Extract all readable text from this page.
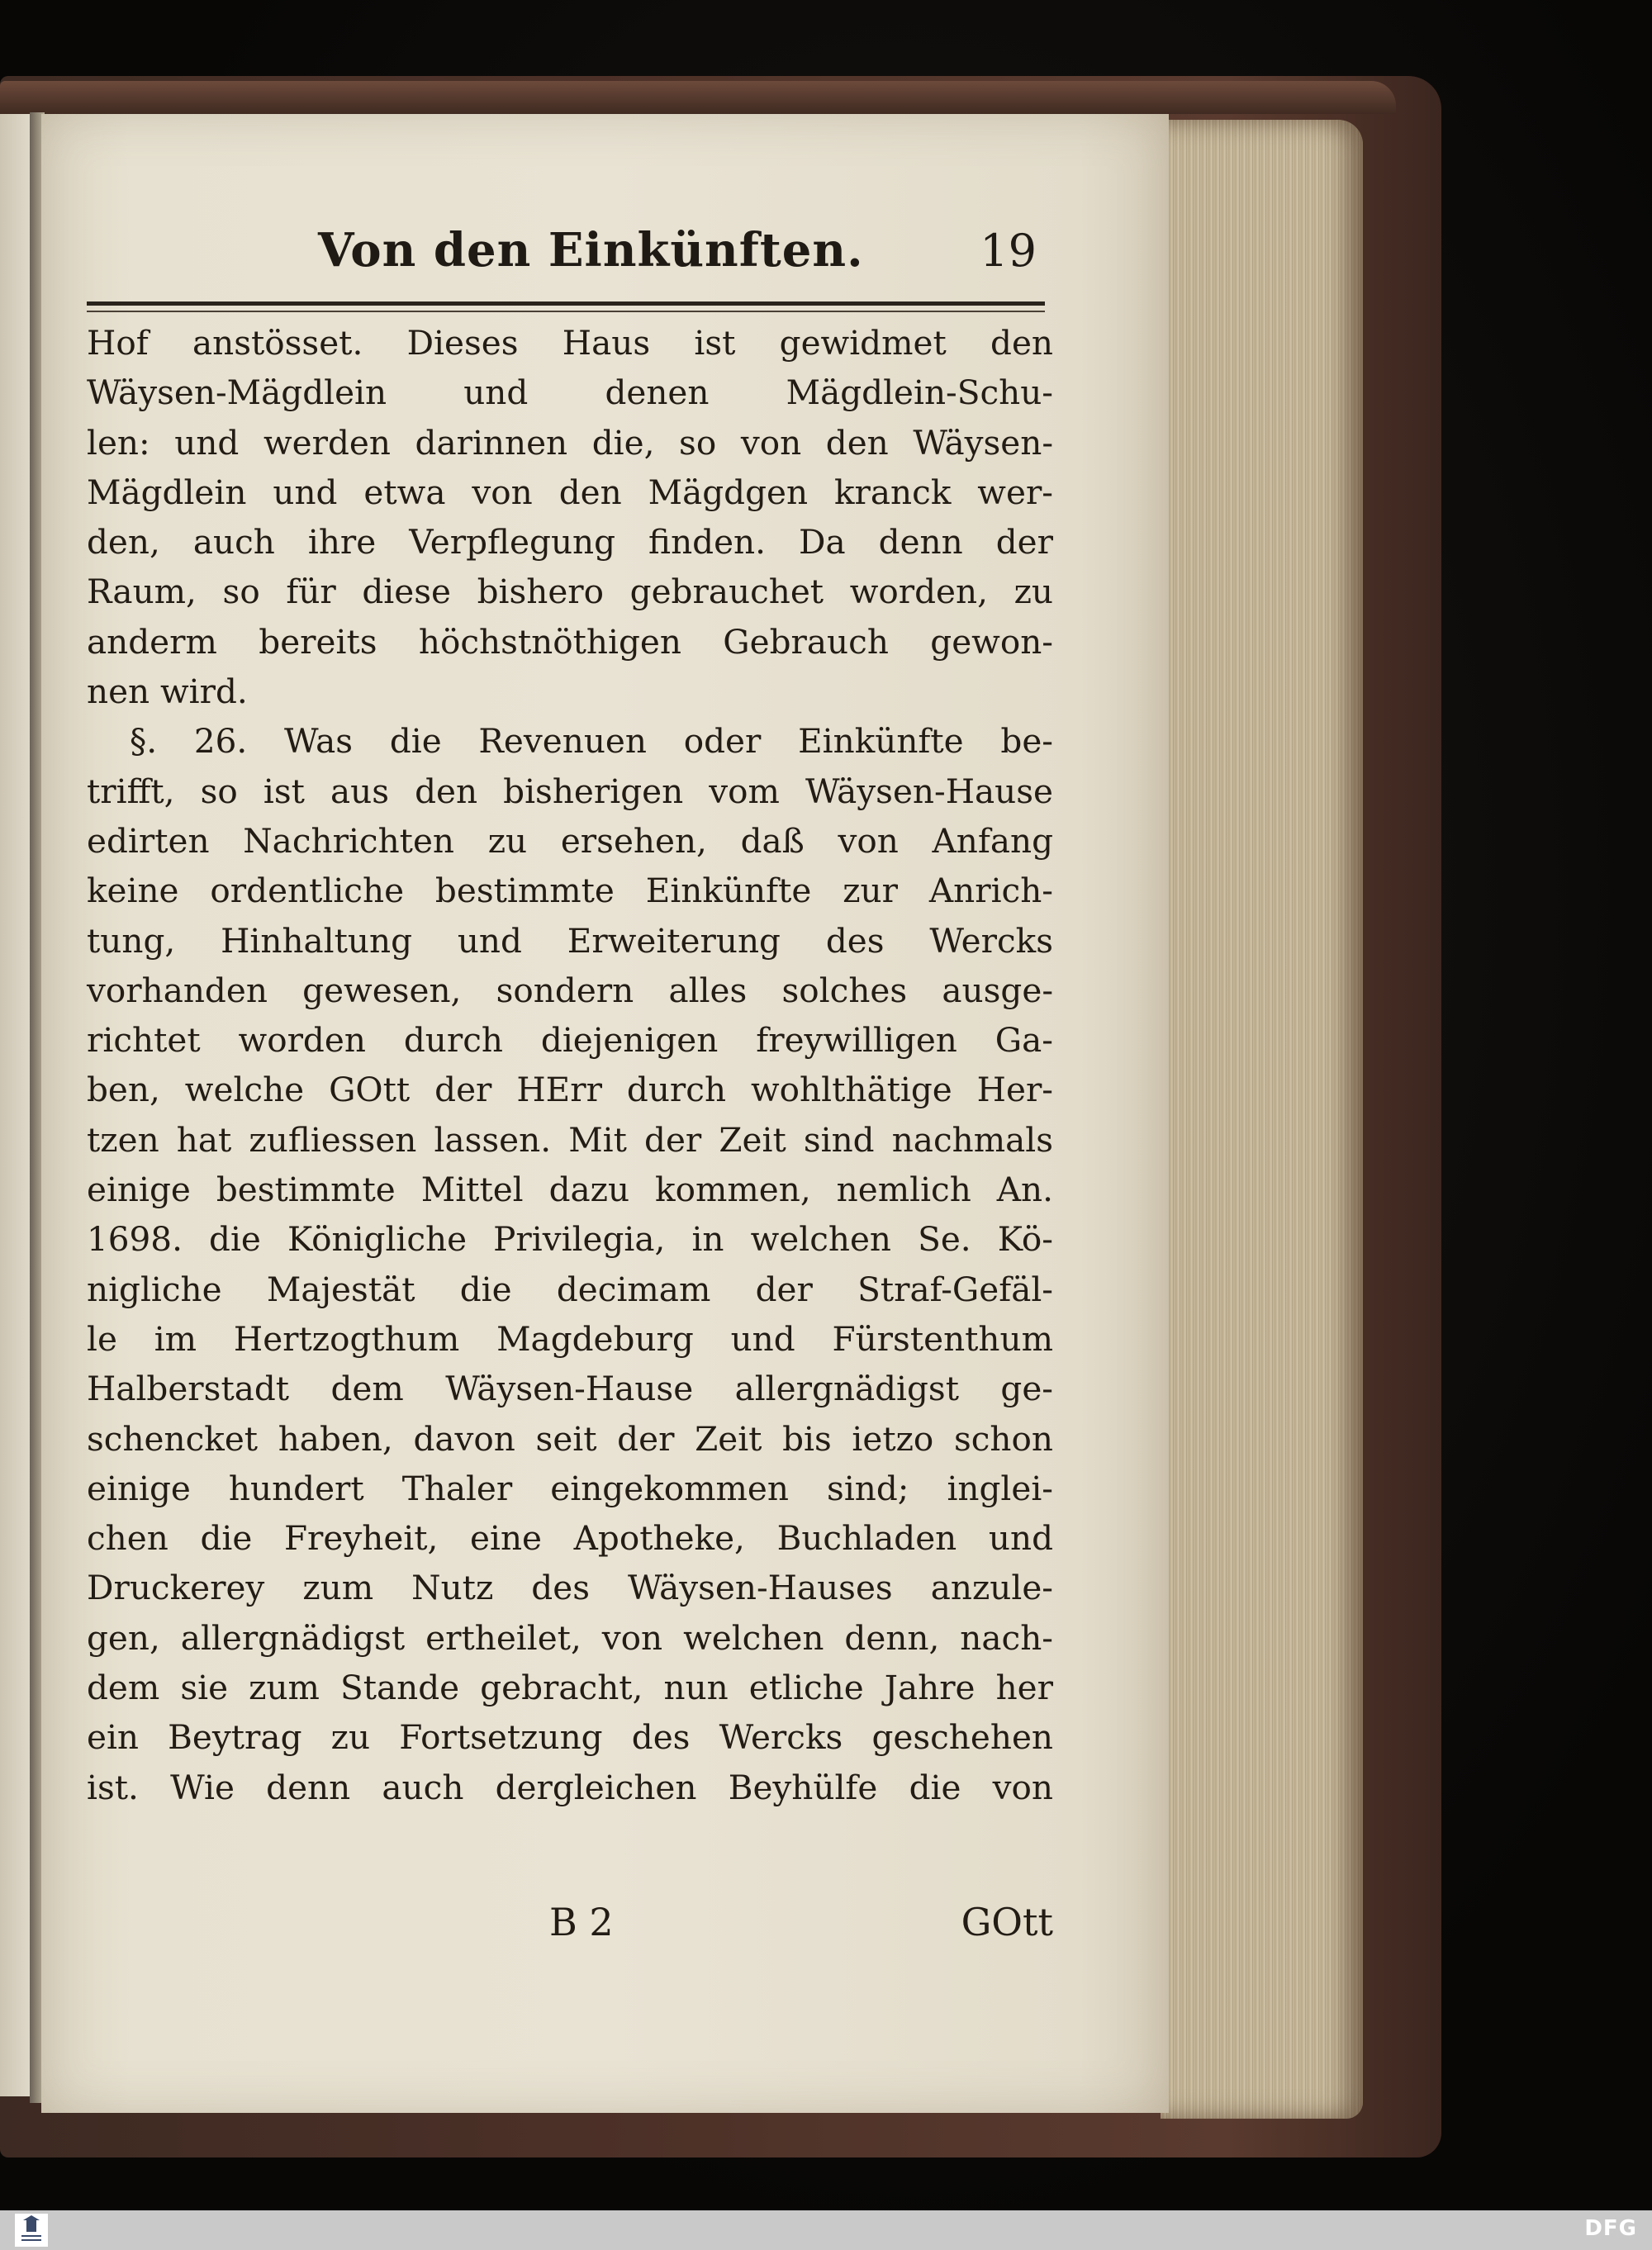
Von den Einkünften.	19
Hof anstösset. Dieses Haus ist gewidmet den
Wäysen-Mägdlein und denen Mägdlein-Schu-
len: und werden darinnen die, so von den Wäysen-
Mägdlein und etwa von den Mägdgen kranck wer-
den, auch ihre Verpflegung finden. Da denn der
Raum, so für diese bishero gebrauchet worden, zu
anderm bereits höchstnöthigen Gebrauch gewon-
nen wird.
§. 26. Was die Revenuen oder Einkünfte be-
trifft, so ist aus den bisherigen vom Wäysen-Hause
edirten Nachrichten zu ersehen, daß von Anfang
keine ordentliche bestimmte Einkünfte zur Anrich-
tung, Hinhaltung und Erweiterung des Wercks
vorhanden gewesen, sondern alles solches ausge-
richtet worden durch diejenigen freywilligen Ga-
ben, welche GOtt der HErr durch wohlthätige Her-
tzen hat zufliessen lassen. Mit der Zeit sind nachmals
einige bestimmte Mittel dazu kommen, nemlich An.
1698. die Königliche Privilegia, in welchen Se. Kö-
nigliche Majestät die decimam der Straf-Gefäl-
le im Hertzogthum Magdeburg und Fürstenthum
Halberstadt dem Wäysen-Hause allergnädigst ge-
schencket haben, davon seit der Zeit bis ietzo schon
einige hundert Thaler eingekommen sind; inglei-
chen die Freyheit, eine Apotheke, Buchladen und
Druckerey zum Nutz des Wäysen-Hauses anzule-
gen, allergnädigst ertheilet, von welchen denn, nach-
dem sie zum Stande gebracht, nun etliche Jahre her
ein Beytrag zu Fortsetzung des Wercks geschehen
ist. Wie denn auch dergleichen Beyhülfe die von
B 2	GOtt
DFG
